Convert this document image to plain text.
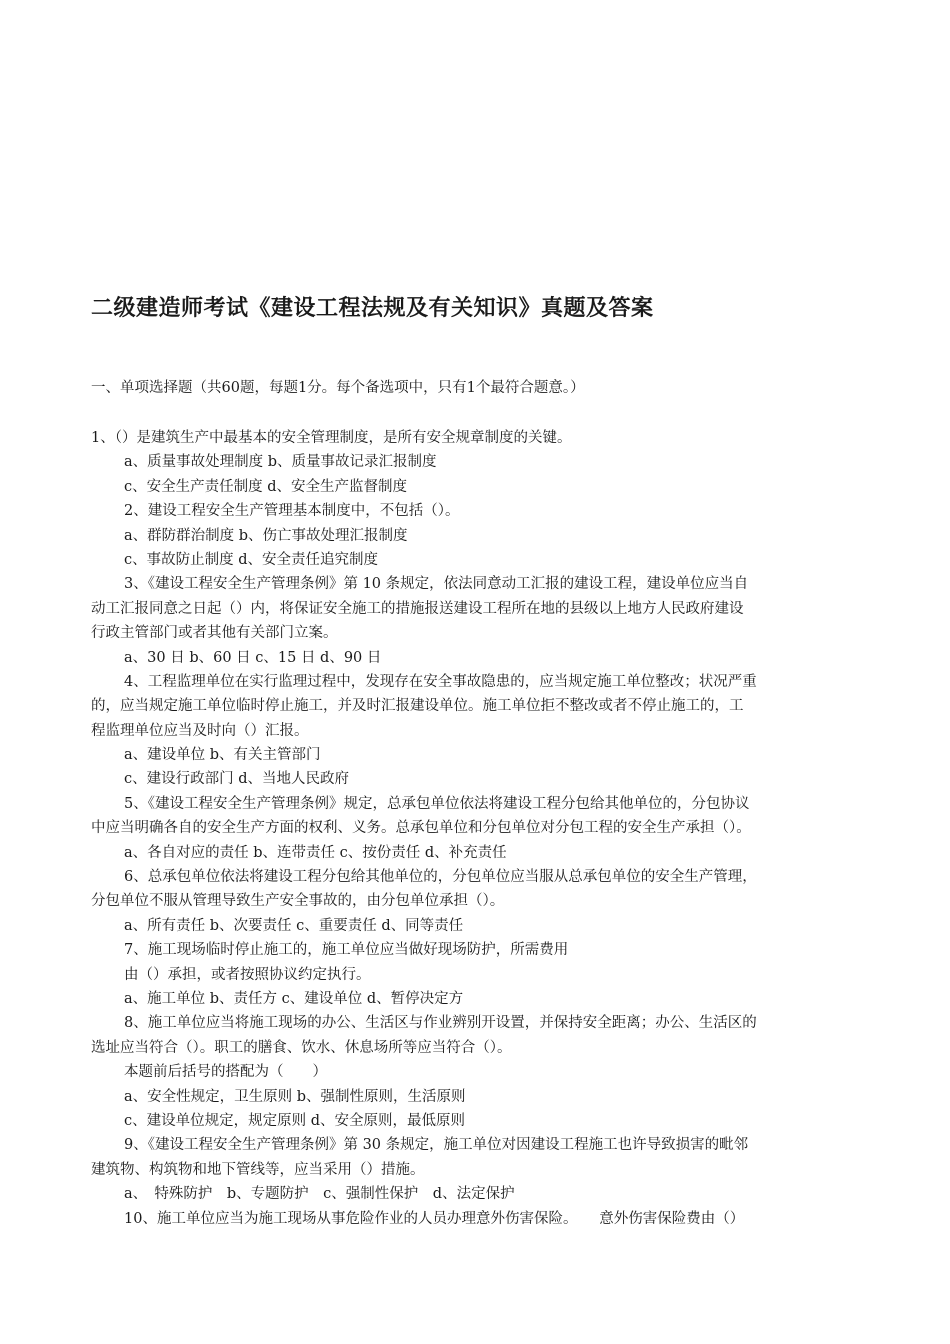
二级建造师考试《建设工程法规及有关知识》真题及答案
一、单项选择题（共60题，每题1分。每个备选项中，只有1个最符合题意。）
1、（）是建筑生产中最基本的安全管理制度，是所有安全规章制度的关键。
a、质量事故处理制度 b、质量事故记录汇报制度
c、安全生产责任制度 d、安全生产监督制度
2、建设工程安全生产管理基本制度中，不包括（）。
a、群防群治制度 b、伤亡事故处理汇报制度
c、事故防止制度 d、安全责任追究制度
3、《建设工程安全生产管理条例》第 10 条规定，依法同意动工汇报的建设工程，建设单位应当自
动工汇报同意之日起（）内，将保证安全施工的措施报送建设工程所在地的县级以上地方人民政府建设
行政主管部门或者其他有关部门立案。
a、30 日 b、60 日 c、15 日 d、90 日
4、工程监理单位在实行监理过程中，发现存在安全事故隐患的，应当规定施工单位整改；状况严重
的，应当规定施工单位临时停止施工，并及时汇报建设单位。施工单位拒不整改或者不停止施工的，工
程监理单位应当及时向（）汇报。
a、建设单位 b、有关主管部门
c、建设行政部门 d、当地人民政府
5、《建设工程安全生产管理条例》规定，总承包单位依法将建设工程分包给其他单位的，分包协议
中应当明确各自的安全生产方面的权利、义务。总承包单位和分包单位对分包工程的安全生产承担（）。
a、各自对应的责任 b、连带责任 c、按份责任 d、补充责任
6、总承包单位依法将建设工程分包给其他单位的，分包单位应当服从总承包单位的安全生产管理，
分包单位不服从管理导致生产安全事故的，由分包单位承担（）。
a、所有责任 b、次要责任 c、重要责任 d、同等责任
7、施工现场临时停止施工的，施工单位应当做好现场防护，所需费用
由（）承担，或者按照协议约定执行。
a、施工单位 b、责任方 c、建设单位 d、暂停决定方
8、施工单位应当将施工现场的办公、生活区与作业辨别开设置，并保持安全距离；办公、生活区的
选址应当符合（）。职工的膳食、饮水、休息场所等应当符合（）。
本题前后括号的搭配为（　　）
a、安全性规定，卫生原则 b、强制性原则，生活原则
c、建设单位规定，规定原则 d、安全原则，最低原则
9、《建设工程安全生产管理条例》第 30 条规定，施工单位对因建设工程施工也许导致损害的毗邻
建筑物、构筑物和地下管线等，应当采用（）措施。
a、　特殊防护　b、专题防护　c、强制性保护　d、法定保护
10、施工单位应当为施工现场从事危险作业的人员办理意外伤害保险。　　意外伤害保险费由（）
